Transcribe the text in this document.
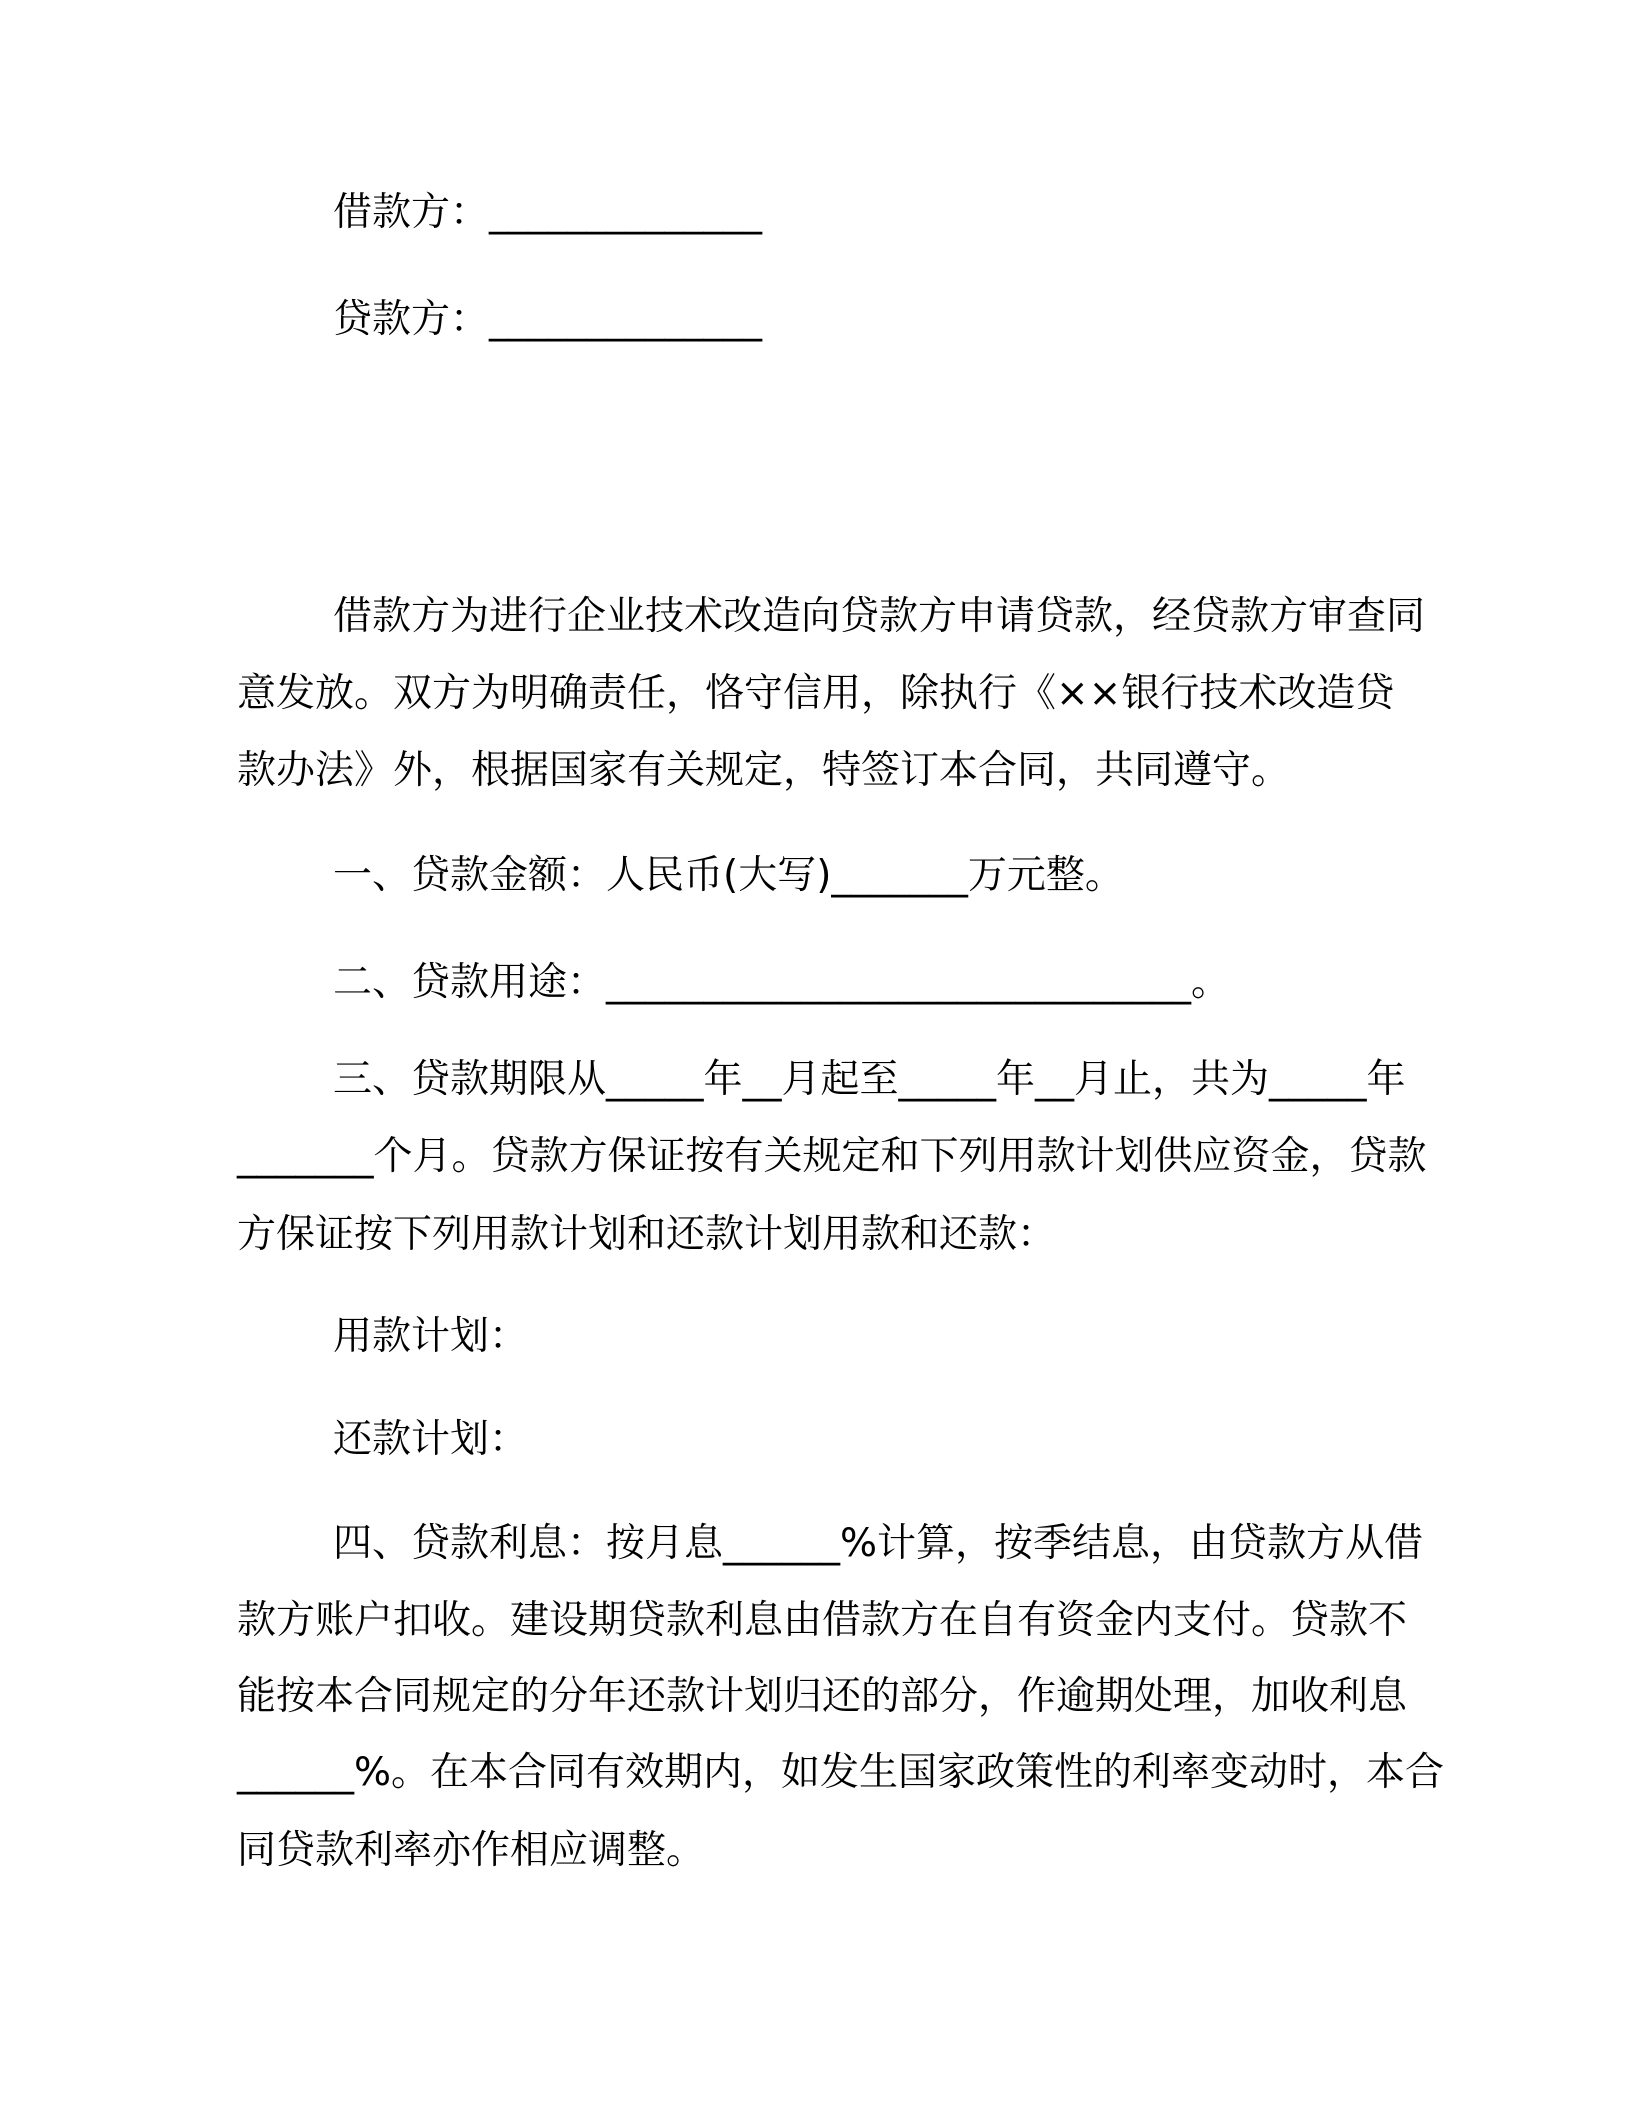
借款方：______________
贷款方：______________
借款方为进行企业技术改造向贷款方申请贷款，经贷款方审查同
意发放。双方为明确责任，恪守信用，除执行《××银行技术改造贷
款办法》外，根据国家有关规定，特签订本合同，共同遵守。
一、贷款金额：人民币(大写)_______万元整。
二、贷款用途：______________________________。
三、贷款期限从_____年__月起至_____年__月止，共为_____年
_______个月。贷款方保证按有关规定和下列用款计划供应资金，贷款
方保证按下列用款计划和还款计划用款和还款：
用款计划：
还款计划：
四、贷款利息：按月息______%计算，按季结息，由贷款方从借
款方账户扣收。建设期贷款利息由借款方在自有资金内支付。贷款不
能按本合同规定的分年还款计划归还的部分，作逾期处理，加收利息
______%。在本合同有效期内，如发生国家政策性的利率变动时，本合
同贷款利率亦作相应调整。
